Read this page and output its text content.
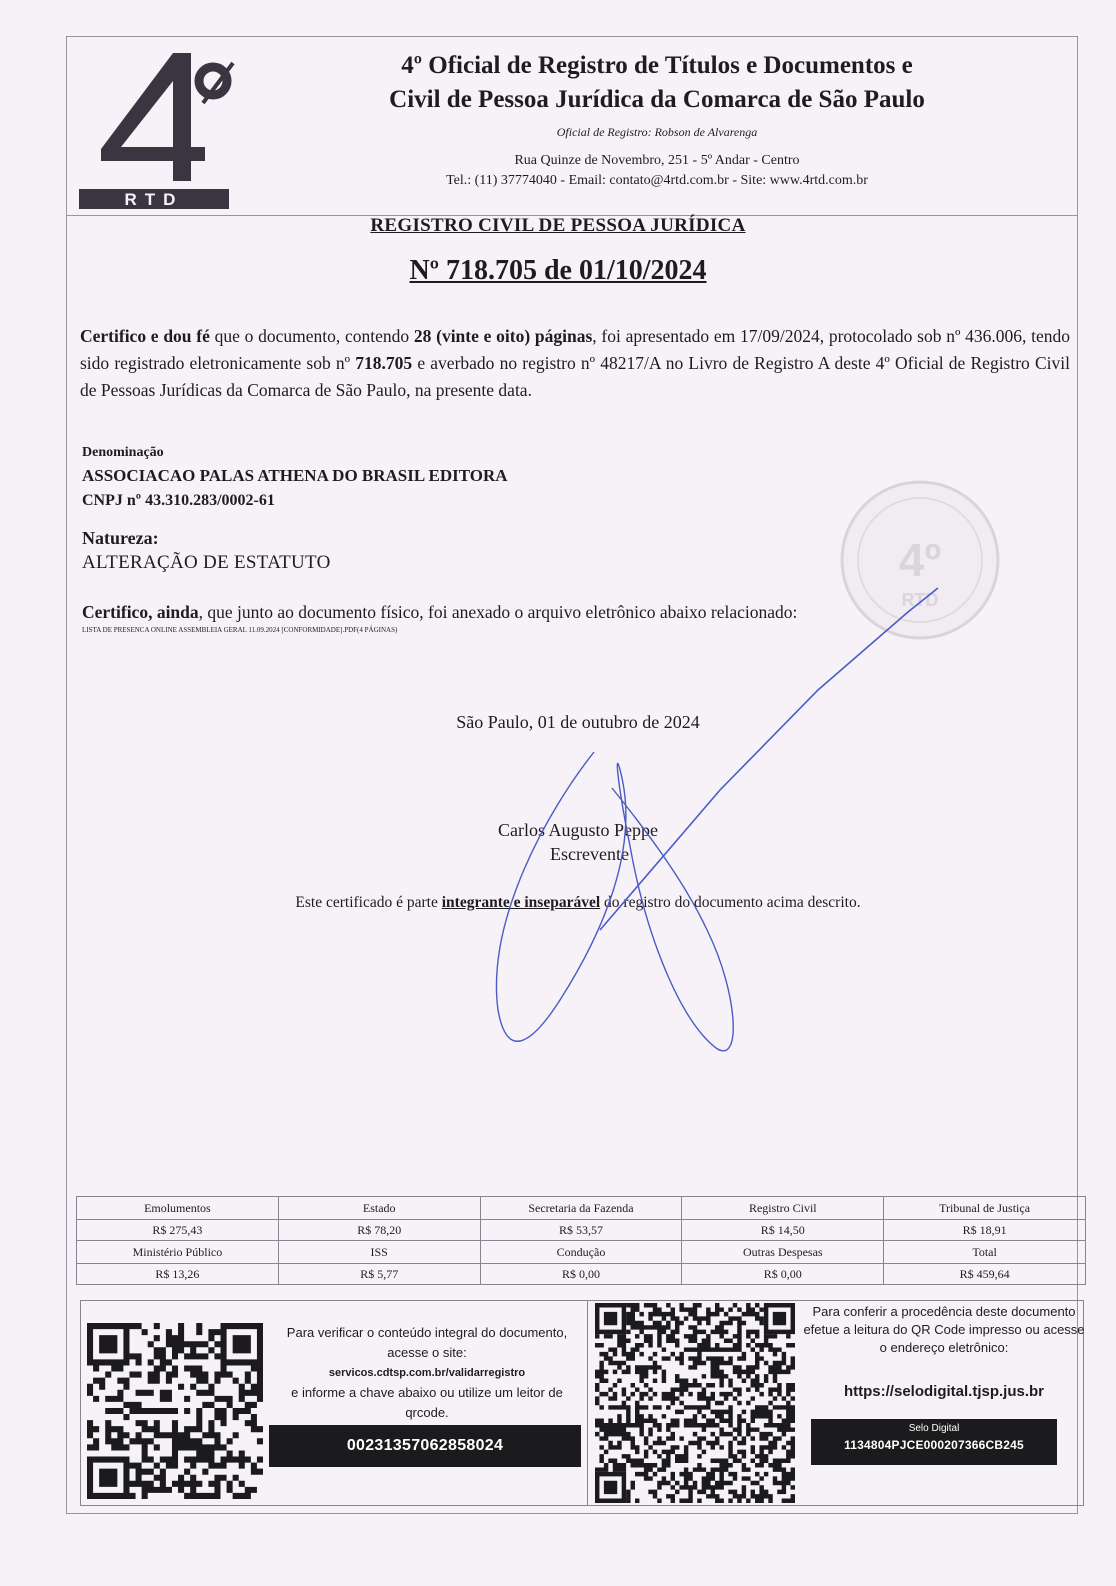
RTD
4º Oficial de Registro de Títulos e Documentos e
Civil de Pessoa Jurídica da Comarca de São Paulo
Oficial de Registro: Robson de Alvarenga
Rua Quinze de Novembro, 251 - 5º Andar - Centro
Tel.: (11) 37774040 - Email: contato@4rtd.com.br - Site: www.4rtd.com.br
REGISTRO CIVIL DE PESSOA JURÍDICA
Nº 718.705 de 01/10/2024
Certifico e dou fé que o documento, contendo 28 (vinte e oito) páginas, foi apresentado em 17/09/2024, protocolado sob nº 436.006, tendo sido registrado eletronicamente sob nº 718.705 e averbado no registro nº 48217/A no Livro de Registro A deste 4º Oficial de Registro Civil de Pessoas Jurídicas da Comarca de São Paulo, na presente data.
Denominação
ASSOCIACAO PALAS ATHENA DO BRASIL EDITORA
CNPJ nº 43.310.283/0002-61
Natureza:
ALTERAÇÃO DE ESTATUTO
Certifico, ainda, que junto ao documento físico, foi anexado o arquivo eletrônico abaixo relacionado:
LISTA DE PRESENCA ONLINE ASSEMBLEIA GERAL 11.09.2024 [CONFORMIDADE].PDF(4 PÁGINAS)
4º
RTD
São Paulo, 01 de outubro de 2024
Carlos Augusto Peppe
Escrevente
Este certificado é parte integrante e inseparável do registro do documento acima descrito.
Emolumentos	Estado	Secretaria da Fazenda	Registro Civil	Tribunal de Justiça
R$ 275,43	R$ 78,20	R$ 53,57	R$ 14,50	R$ 18,91
Ministério Público	ISS	Condução	Outras Despesas	Total
R$ 13,26	R$ 5,77	R$ 0,00	R$ 0,00	R$ 459,64
Para verificar o conteúdo integral do documento, acesse o site:
servicos.cdtsp.com.br/validarregistro
e informe a chave abaixo ou utilize um leitor de qrcode.
00231357062858024
Para conferir a procedência deste documento efetue a leitura do QR Code impresso ou acesse o endereço eletrônico:
https://selodigital.tjsp.jus.br
Selo Digital
1134804PJCE000207366CB245
